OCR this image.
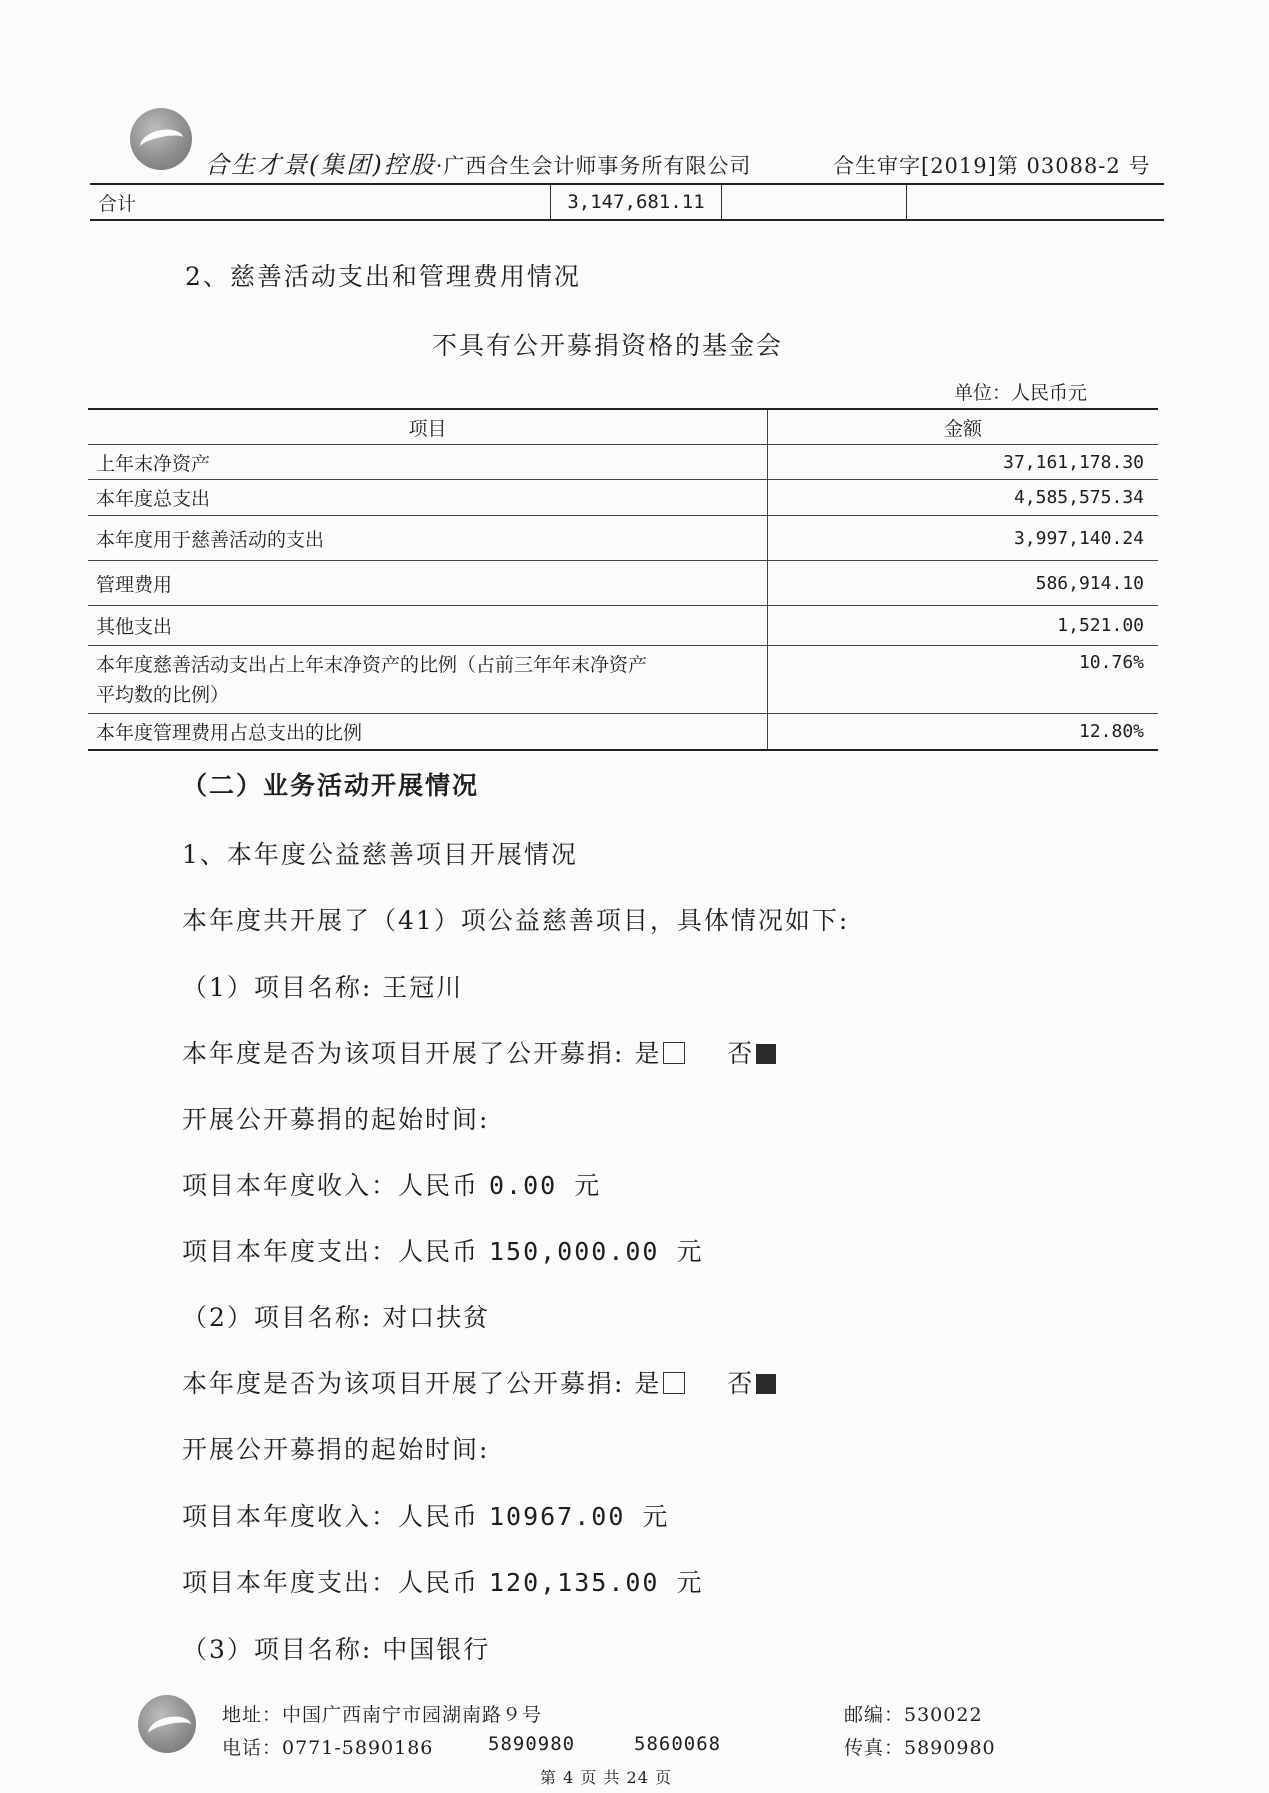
合生才景(集团)控股·广西合生会计师事务所有限公司	合生审字[2019]第 03088-2 号
合计	3,147,681.11		
2、慈善活动支出和管理费用情况
不具有公开募捐资格的基金会
单位：人民币元
项目	金额
上年末净资产	37,161,178.30
本年度总支出	4,585,575.34
本年度用于慈善活动的支出	3,997,140.24
管理费用	586,914.10
其他支出	1,521.00
本年度慈善活动支出占上年末净资产的比例（占前三年年末净资产
平均数的比例）	10.76%
本年度管理费用占总支出的比例	12.80%
（二）业务活动开展情况
1、本年度公益慈善项目开展情况
本年度共开展了（41）项公益慈善项目，具体情况如下:
（1）项目名称: 王冠川
本年度是否为该项目开展了公开募捐: 是	否
开展公开募捐的起始时间:
项目本年度收入：人民币 0.00 元
项目本年度支出：人民币 150,000.00 元
（2）项目名称: 对口扶贫
本年度是否为该项目开展了公开募捐: 是	否
开展公开募捐的起始时间:
项目本年度收入：人民币 10967.00 元
项目本年度支出：人民币 120,135.00 元
（3）项目名称: 中国银行
地址：中国广西南宁市园湖南路９号	邮编：530022
电话：0771-5890186	5890980	5860068	传真：5890980
第 4 页 共 24 页
